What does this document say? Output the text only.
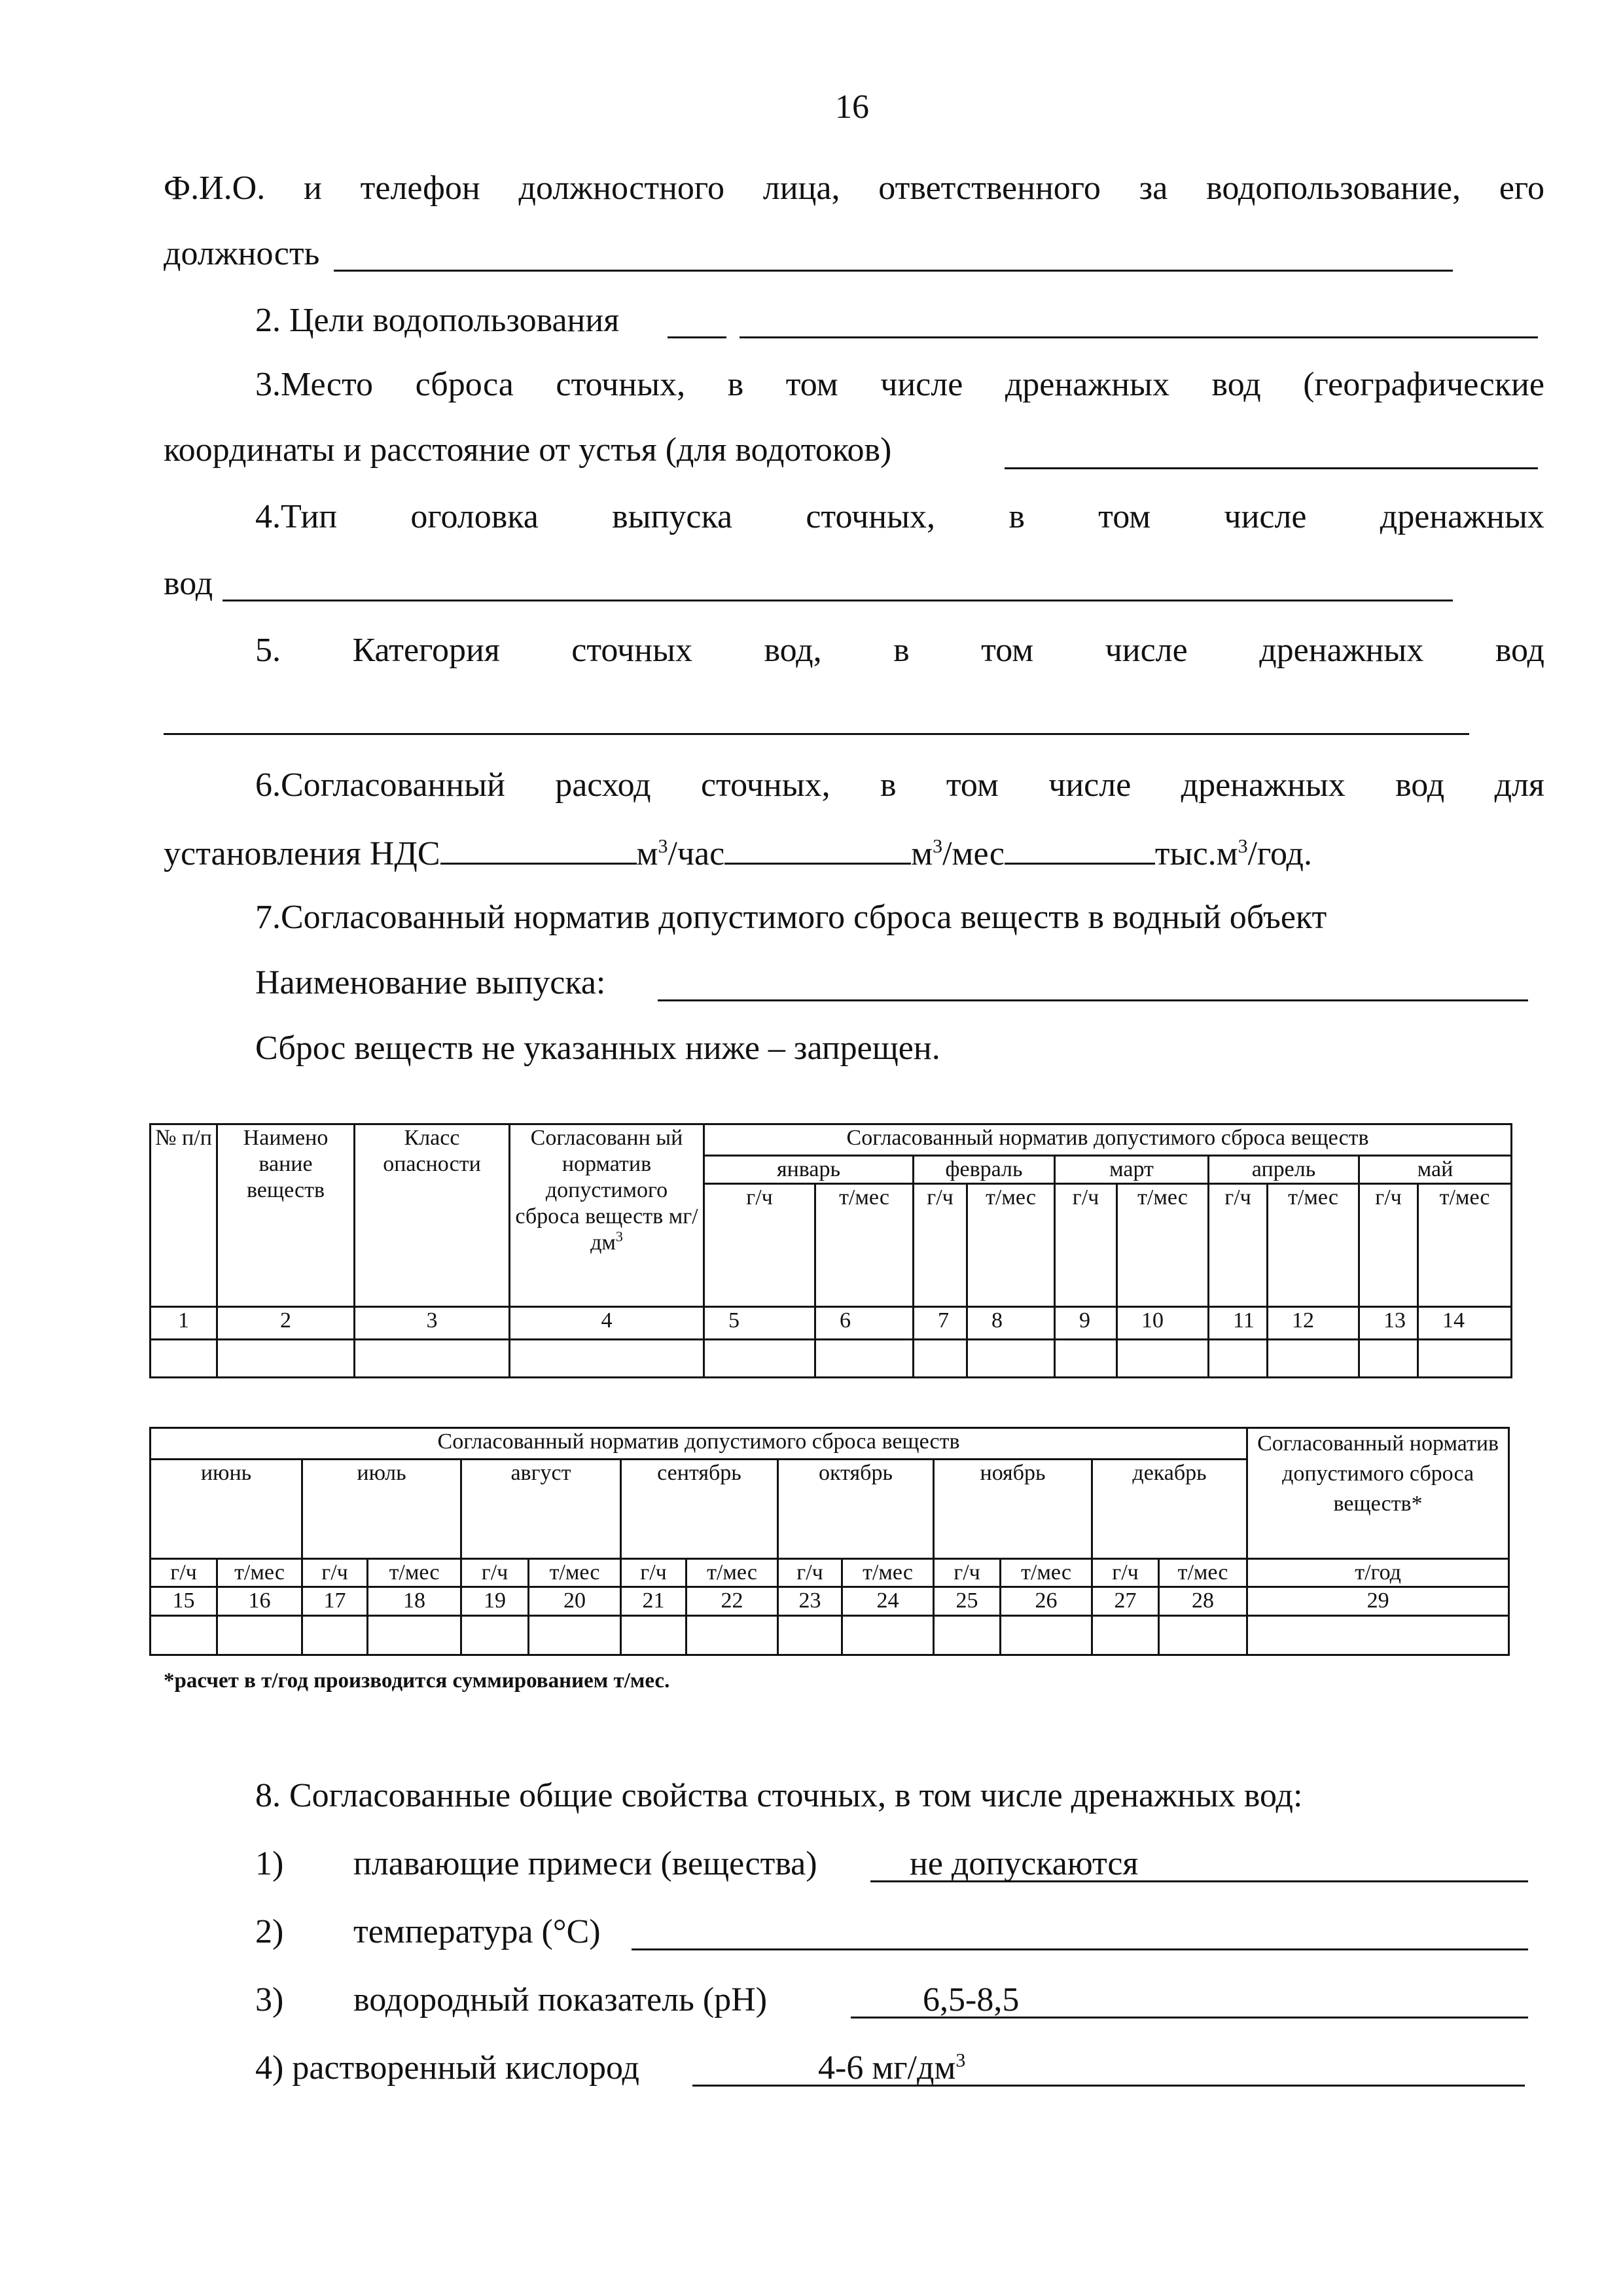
16
Ф.И.О. и телефон должностного лица, ответственного за водопользование, его
должность
2. Цели водопользования
3.Место сброса сточных, в том числе дренажных вод (географические
координаты и расстояние от устья (для водотоков)
4.Тип оголовка выпуска сточных, в том числе дренажных
вод
5. Категория сточных вод, в том числе дренажных вод
6.Согласованный расход сточных, в том числе дренажных вод для
установления НДС	$м^3$/час	$м^3$/мес	$тыс.м^3$/год.
7.Согласованный норматив допустимого сброса веществ в водный объект
Наименование выпуска:
Сброс веществ не указанных ниже – запрещен.
№ п/п	Наимено вание веществ	Класс опасности	Согласованн ый норматив допустимого сброса веществ $мг/дм^3$	Согласованный норматив допустимого сброса веществ									
				январь		февраль		март		апрель		май	
				г/ч	т/мес	г/ч	т/мес	г/ч	т/мес	г/ч	т/мес	г/ч	т/мес
1	2	3	4	5	6	7	8	9	10	11	12	13	14

Согласованный норматив допустимого сброса веществ														Согласованный норматив допустимого сброса веществ*
июнь		июль		август		сентябрь		октябрь		ноябрь		декабрь		
г/ч	т/мес	г/ч	т/мес	г/ч	т/мес	г/ч	т/мес	г/ч	т/мес	г/ч	т/мес	г/ч	т/мес	т/год
15	16	17	18	19	20	21	22	23	24	25	26	27	28	29

*расчет в т/год производится суммированием т/мес.
8. Согласованные общие свойства сточных, в том числе дренажных вод:
1) плавающие примеси (вещества)	не допускаются
2) температура (°C)
3) водородный показатель (pH)	6,5-8,5
4) растворенный кислород	4-6 $мг/дм^3$
